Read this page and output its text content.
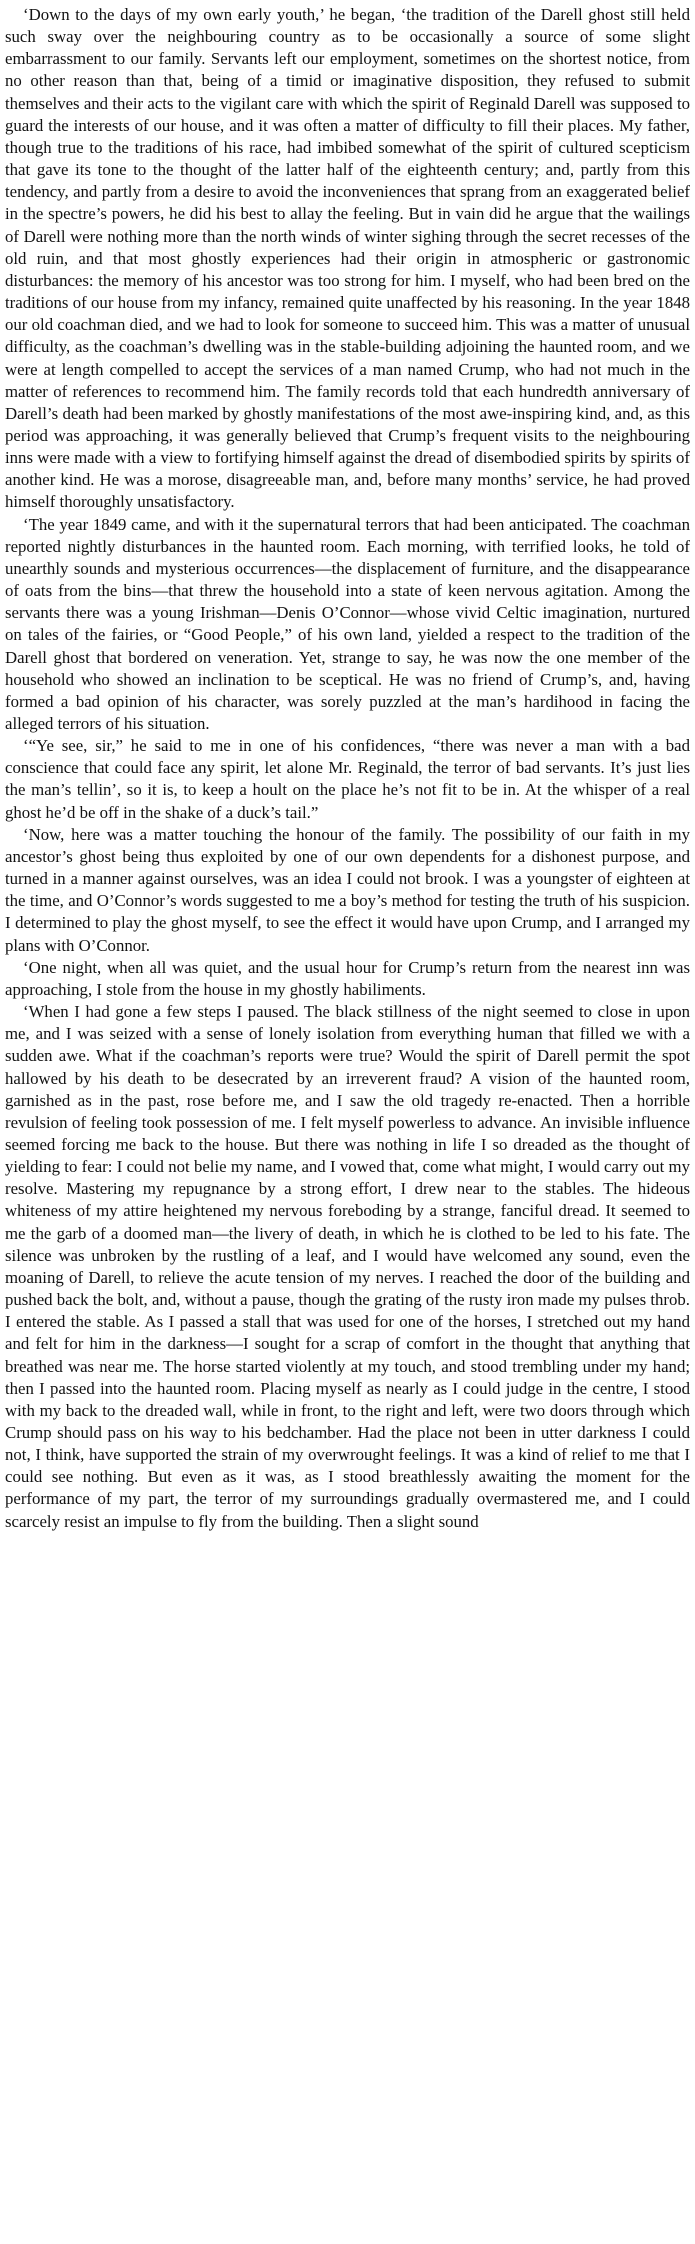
‘Down to the days of my own early youth,’ he began, ‘the tradition of the Darell ghost still held such sway over the neighbouring country as to be occasionally a source of some slight embarrassment to our family. Servants left our employment, sometimes on the shortest notice, from no other reason than that, being of a timid or imaginative disposition, they refused to submit themselves and their acts to the vigilant care with which the spirit of Reginald Darell was supposed to guard the interests of our house, and it was often a matter of difficulty to fill their places. My father, though true to the traditions of his race, had imbibed somewhat of the spirit of cultured scepticism that gave its tone to the thought of the latter half of the eighteenth century; and, partly from this tendency, and partly from a desire to avoid the inconveniences that sprang from an exaggerated belief in the spectre’s powers, he did his best to allay the feeling. But in vain did he argue that the wailings of Darell were nothing more than the north winds of winter sighing through the secret recesses of the old ruin, and that most ghostly experiences had their origin in atmospheric or gastronomic disturbances: the memory of his ancestor was too strong for him. I myself, who had been bred on the traditions of our house from my infancy, remained quite unaffected by his reasoning. In the year 1848 our old coachman died, and we had to look for someone to succeed him. This was a matter of unusual difficulty, as the coachman’s dwelling was in the stable-building adjoining the haunted room, and we were at length compelled to accept the services of a man named Crump, who had not much in the matter of references to recommend him. The family records told that each hundredth anniversary of Darell’s death had been marked by ghostly manifestations of the most awe-inspiring kind, and, as this period was approaching, it was generally believed that Crump’s frequent visits to the neighbouring inns were made with a view to fortifying himself against the dread of disembodied spirits by spirits of another kind. He was a morose, disagreeable man, and, before many months’ service, he had proved himself thoroughly unsatisfactory.

‘The year 1849 came, and with it the supernatural terrors that had been anticipated. The coachman reported nightly disturbances in the haunted room. Each morning, with terrified looks, he told of unearthly sounds and mysterious occurrences—the displacement of furniture, and the disappearance of oats from the bins—that threw the household into a state of keen nervous agitation. Among the servants there was a young Irishman—Denis O’Connor—whose vivid Celtic imagination, nurtured on tales of the fairies, or “Good People,” of his own land, yielded a respect to the tradition of the Darell ghost that bordered on veneration. Yet, strange to say, he was now the one member of the household who showed an inclination to be sceptical. He was no friend of Crump’s, and, having formed a bad opinion of his character, was sorely puzzled at the man’s hardihood in facing the alleged terrors of his situation.

‘“Ye see, sir,” he said to me in one of his confidences, “there was never a man with a bad conscience that could face any spirit, let alone Mr. Reginald, the terror of bad servants. It’s just lies the man’s tellin’, so it is, to keep a hoult on the place he’s not fit to be in. At the whisper of a real ghost he’d be off in the shake of a duck’s tail.”

‘Now, here was a matter touching the honour of the family. The possibility of our faith in my ancestor’s ghost being thus exploited by one of our own dependents for a dishonest purpose, and turned in a manner against ourselves, was an idea I could not brook. I was a youngster of eighteen at the time, and O’Connor’s words suggested to me a boy’s method for testing the truth of his suspicion. I determined to play the ghost myself, to see the effect it would have upon Crump, and I arranged my plans with O’Connor.

‘One night, when all was quiet, and the usual hour for Crump’s return from the nearest inn was approaching, I stole from the house in my ghostly habiliments.

‘When I had gone a few steps I paused. The black stillness of the night seemed to close in upon me, and I was seized with a sense of lonely isolation from everything human that filled we with a sudden awe. What if the coachman’s reports were true? Would the spirit of Darell permit the spot hallowed by his death to be desecrated by an irreverent fraud? A vision of the haunted room, garnished as in the past, rose before me, and I saw the old tragedy re-enacted. Then a horrible revulsion of feeling took possession of me. I felt myself powerless to advance. An invisible influence seemed forcing me back to the house. But there was nothing in life I so dreaded as the thought of yielding to fear: I could not belie my name, and I vowed that, come what might, I would carry out my resolve. Mastering my repugnance by a strong effort, I drew near to the stables. The hideous whiteness of my attire heightened my nervous foreboding by a strange, fanciful dread. It seemed to me the garb of a doomed man—the livery of death, in which he is clothed to be led to his fate. The silence was unbroken by the rustling of a leaf, and I would have welcomed any sound, even the moaning of Darell, to relieve the acute tension of my nerves. I reached the door of the building and pushed back the bolt, and, without a pause, though the grating of the rusty iron made my pulses throb. I entered the stable. As I passed a stall that was used for one of the horses, I stretched out my hand and felt for him in the darkness—I sought for a scrap of comfort in the thought that anything that breathed was near me. The horse started violently at my touch, and stood trembling under my hand; then I passed into the haunted room. Placing myself as nearly as I could judge in the centre, I stood with my back to the dreaded wall, while in front, to the right and left, were two doors through which Crump should pass on his way to his bedchamber. Had the place not been in utter darkness I could not, I think, have supported the strain of my overwrought feelings. It was a kind of relief to me that I could see nothing. But even as it was, as I stood breathlessly awaiting the moment for the performance of my part, the terror of my surroundings gradually overmastered me, and I could scarcely resist an impulse to fly from the building. Then a slight sound
